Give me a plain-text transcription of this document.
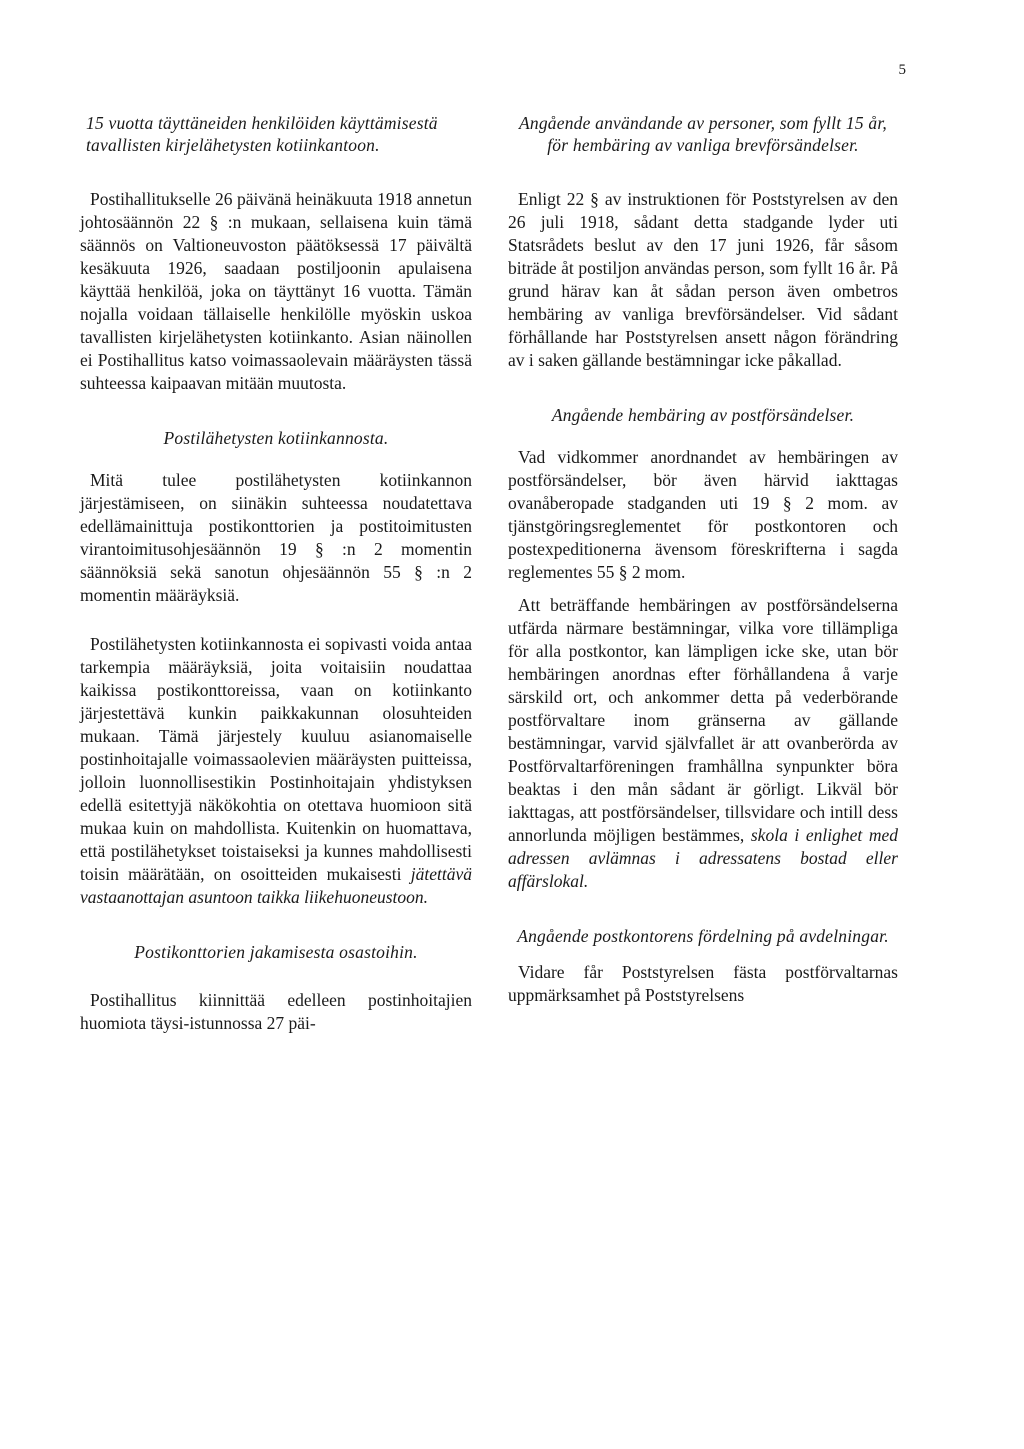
5
15 vuotta täyttäneiden henkilöiden käyttämisestä tavallisten kirjelähetysten kotiinkantoon.

Postihallitukselle 26 päivänä heinäkuuta 1918 annetun johtosäännön 22 § :n mukaan, sellaisena kuin tämä säännös on Valtioneuvoston päätöksessä 17 päivältä kesäkuuta 1926, saadaan postiljoonin apulaisena käyttää henkilöä, joka on täyttänyt 16 vuotta. Tämän nojalla voidaan tällaiselle henkilölle myöskin uskoa tavallisten kirjelähetysten kotiinkanto. Asian näinollen ei Postihallitus katso voimassaolevain määräysten tässä suhteessa kaipaavan mitään muutosta.

Postilähetysten kotiinkannosta.

Mitä tulee postilähetysten kotiinkannon järjestämiseen, on siinäkin suhteessa noudatettava edellämainittuja postikonttorien ja postitoimitusten virantoimitusohjesäännön 19 § :n 2 momentin säännöksiä sekä sanotun ohjesäännön 55 § :n 2 momentin määräyksiä.

Postilähetysten kotiinkannosta ei sopivasti voida antaa tarkempia määräyksiä, joita voitaisiin noudattaa kaikissa postikonttoreissa, vaan on kotiinkanto järjestettävä kunkin paikkakunnan olosuhteiden mukaan. Tämä järjestely kuuluu asianomaiselle postinhoitajalle voimassaolevien määräysten puitteissa, jolloin luonnollisestikin Postinhoitajain yhdistyksen edellä esitettyjä näkökohtia on otettava huomioon sitä mukaa kuin on mahdollista. Kuitenkin on huomattava, että postilähetykset toistaiseksi ja kunnes mahdollisesti toisin määrätään, on osoitteiden mukaisesti jätettävä vastaanottajan asuntoon taikka liikehuoneustoon.

Postikonttorien jakamisesta osastoihin.

Postihallitus kiinnittää edelleen postinhoitajien huomiota täysi-istunnossa 27 päi-

Angående användande av personer, som fyllt 15 år, för hembäring av vanliga brevförsändelser.

Enligt 22 § av instruktionen för Poststyrelsen av den 26 juli 1918, sådant detta stadgande lyder uti Statsrådets beslut av den 17 juni 1926, får såsom biträde åt postiljon användas person, som fyllt 16 år. På grund härav kan åt sådan person även ombetros hembäring av vanliga brevförsändelser. Vid sådant förhållande har Poststyrelsen ansett någon förändring av i saken gällande bestämningar icke påkallad.

Angående hembäring av postförsändelser.

Vad vidkommer anordnandet av hembäringen av postförsändelser, bör även härvid iakttagas ovanåberopade stadganden uti 19 § 2 mom. av tjänstgöringsreglementet för postkontoren och postexpeditionerna ävensom föreskrifterna i sagda reglementes 55 § 2 mom.

Att beträffande hembäringen av postförsändelserna utfärda närmare bestämningar, vilka vore tillämpliga för alla postkontor, kan lämpligen icke ske, utan bör hembäringen anordnas efter förhållandena å varje särskild ort, och ankommer detta på vederbörande postförvaltare inom gränserna av gällande bestämningar, varvid självfallet är att ovanberörda av Postförvaltarföreningen framhållna synpunkter böra beaktas i den mån sådant är görligt. Likväl bör iakttagas, att postförsändelser, tillsvidare och intill dess annorlunda möjligen bestämmes, skola i enlighet med adressen avlämnas i adressatens bostad eller affärslokal.

Angående postkontorens fördelning på avdelningar.

Vidare får Poststyrelsen fästa postförvaltarnas uppmärksamhet på Poststyrelsens
